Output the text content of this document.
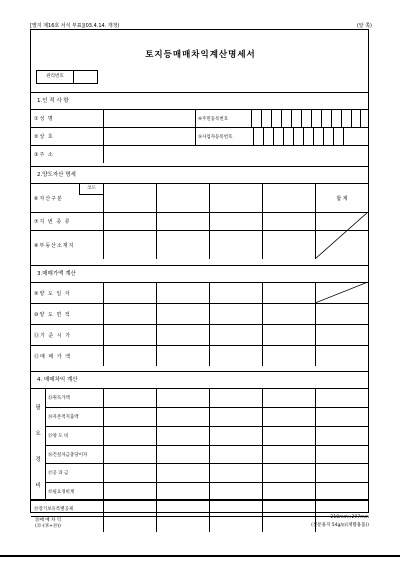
[별지 제16호 서식 부표](03.4.14. 개정)	(앞 쪽)
토지등매매차익계산명세서
관리번호
1.인 적 사 항
①성 명	④주민등록번호
②상 호	⑤사업자등록번호
③주 소
2.양도자산 명세
⑥자산구분
코드
합 계
⑦지 번 종 류
⑧부동산소재지
3.매매가액 계산
⑨양 도 일 자
⑩양 도 면 적
⑪기 준 시 가
⑫매 매 가 액
4. 매매차익 계산
필
요
경
비
⑬취득가액
⑭자본적지출액
⑮양 도 비
⑯건설자금충당이자
⑰공 과 금
⑱필요경비계
⑲장기보유특별공제
⑳매 매 차 익
(⑫-(⑱+⑲))
210mm×297mm
(신문용지 54g/㎡(재활용품))
